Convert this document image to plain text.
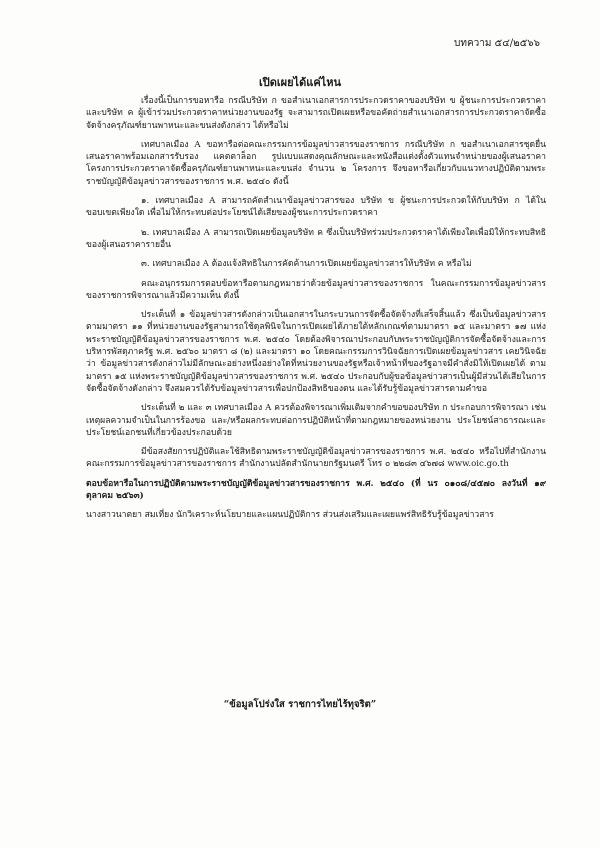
บทความ ๕๔/๒๕๖๖
เปิดเผยได้แค่ไหน

เรื่องนี้เป็นการขอหารือ กรณีบริษัท ก ขอสำเนาเอกสารการประกวดราคาของบริษัท ข ผู้ชนะการประกวดราคา และบริษัท ค ผู้เข้าร่วมประกวดราคาหน่วยงานของรัฐ จะสามารถเปิดเผยหรือขอคัดถ่ายสำเนาเอกสารการประกวดราคาจัดซื้อจัดจ้างครุภัณฑ์ยานพาหนะและขนส่งดังกล่าว ได้หรือไม่

เทศบาลเมือง A ขอหารือต่อคณะกรรมการข้อมูลข่าวสารของราชการ กรณีบริษัท ก ขอสำเนาเอกสารชุดยื่นเสนอราคาพร้อมเอกสารรับรอง แคตตาล็อก รูปแบบแสดงคุณลักษณะและหนังสือแต่งตั้งตัวแทนจำหน่ายของผู้เสนอราคาโครงการประกวดราคาจัดซื้อครุภัณฑ์ยานพาหนะและขนส่ง จำนวน ๒ โครงการ จึงขอหารือเกี่ยวกับแนวทางปฏิบัติตามพระราชบัญญัติข้อมูลข่าวสารของราชการ พ.ศ. ๒๕๔๐ ดังนี้

๑. เทศบาลเมือง A สามารถคัดสำเนาข้อมูลข่าวสารของ บริษัท ข ผู้ชนะการประกวดให้กับบริษัท ก ได้ในขอบเขตเพียงใด เพื่อไม่ให้กระทบต่อประโยชน์ได้เสียของผู้ชนะการประกวดราคา

๒. เทศบาลเมือง A สามารถเปิดเผยข้อมูลบริษัท ค ซึ่งเป็นบริษัทร่วมประกวดราคาได้เพียงใดเพื่อมิให้กระทบสิทธิของผู้เสนอราคารายอื่น

๓. เทศบาลเมือง A ต้องแจ้งสิทธิในการคัดค้านการเปิดเผยข้อมูลข่าวสารให้บริษัท ค หรือไม่

คณะอนุกรรมการตอบข้อหารือตามกฎหมายว่าด้วยข้อมูลข่าวสารของราชการ ในคณะกรรมการข้อมูลข่าวสารของราชการพิจารณาแล้วมีความเห็น ดังนี้

ประเด็นที่ ๑ ข้อมูลข่าวสารดังกล่าวเป็นเอกสารในกระบวนการจัดซื้อจัดจ้างที่เสร็จสิ้นแล้ว ซึ่งเป็นข้อมูลข่าวสารตามมาตรา ๑๑ ที่หน่วยงานของรัฐสามารถใช้ดุลพินิจในการเปิดเผยได้ภายใต้หลักเกณฑ์ตามมาตรา ๑๕ และมาตรา ๑๗ แห่งพระราชบัญญัติข้อมูลข่าวสารของราชการ พ.ศ. ๒๕๔๐ โดยต้องพิจารณาประกอบกับพระราชบัญญัติการจัดซื้อจัดจ้างและการบริหารพัสดุภาครัฐ พ.ศ. ๒๕๖๐ มาตรา ๘ (๒) และมาตรา ๑๐ โดยคณะกรรมการวินิจฉัยการเปิดเผยข้อมูลข่าวสาร เคยวินิจฉัยว่า ข้อมูลข่าวสารดังกล่าวไม่มีลักษณะอย่างหนึ่งอย่างใดที่หน่วยงานของรัฐหรือเจ้าหน้าที่ของรัฐอาจมีคำสั่งมิให้เปิดเผยได้ ตามมาตรา ๑๕ แห่งพระราชบัญญัติข้อมูลข่าวสารของราชการ พ.ศ. ๒๕๔๐ ประกอบกับผู้ขอข้อมูลข่าวสารเป็นผู้มีส่วนได้เสียในการจัดซื้อจัดจ้างดังกล่าว จึงสมควรได้รับข้อมูลข่าวสารเพื่อปกป้องสิทธิของตน และได้รับรู้ข้อมูลข่าวสารตามคำขอ

ประเด็นที่ ๒ และ ๓ เทศบาลเมือง A ควรต้องพิจารณาเพิ่มเติมจากคำขอของบริษัท ก ประกอบการพิจารณา เช่น เหตุผลความจำเป็นในการร้องขอ และ/หรือผลกระทบต่อการปฏิบัติหน้าที่ตามกฎหมายของหน่วยงาน ประโยชน์สาธารณะและประโยชน์เอกชนที่เกี่ยวข้องประกอบด้วย

มีข้อสงสัยการปฏิบัติและใช้สิทธิตามพระราชบัญญัติข้อมูลข่าวสารของราชการ พ.ศ. ๒๕๔๐ หรือไปที่สำนักงานคณะกรรมการข้อมูลข่าวสารของราชการ สำนักงานปลัดสำนักนายกรัฐมนตรี โทร ๐ ๒๒๘๓ ๔๖๗๘ www.oic.go.th

ตอบข้อหารือในการปฏิบัติตามพระราชบัญญัติข้อมูลข่าวสารของราชการ พ.ศ. ๒๕๔๐ (ที่ นร ๐๑๐๘/๔๕๗๐ ลงวันที่ ๑๙ ตุลาคม ๒๕๖๓)

นางสาวนาตยา สมเที่ยง นักวิเคราะห์นโยบายและแผนปฏิบัติการ ส่วนส่งเสริมและเผยแพร่สิทธิรับรู้ข้อมูลข่าวสาร

“ข้อมูลโปร่งใส ราชการไทยไร้ทุจริต”
